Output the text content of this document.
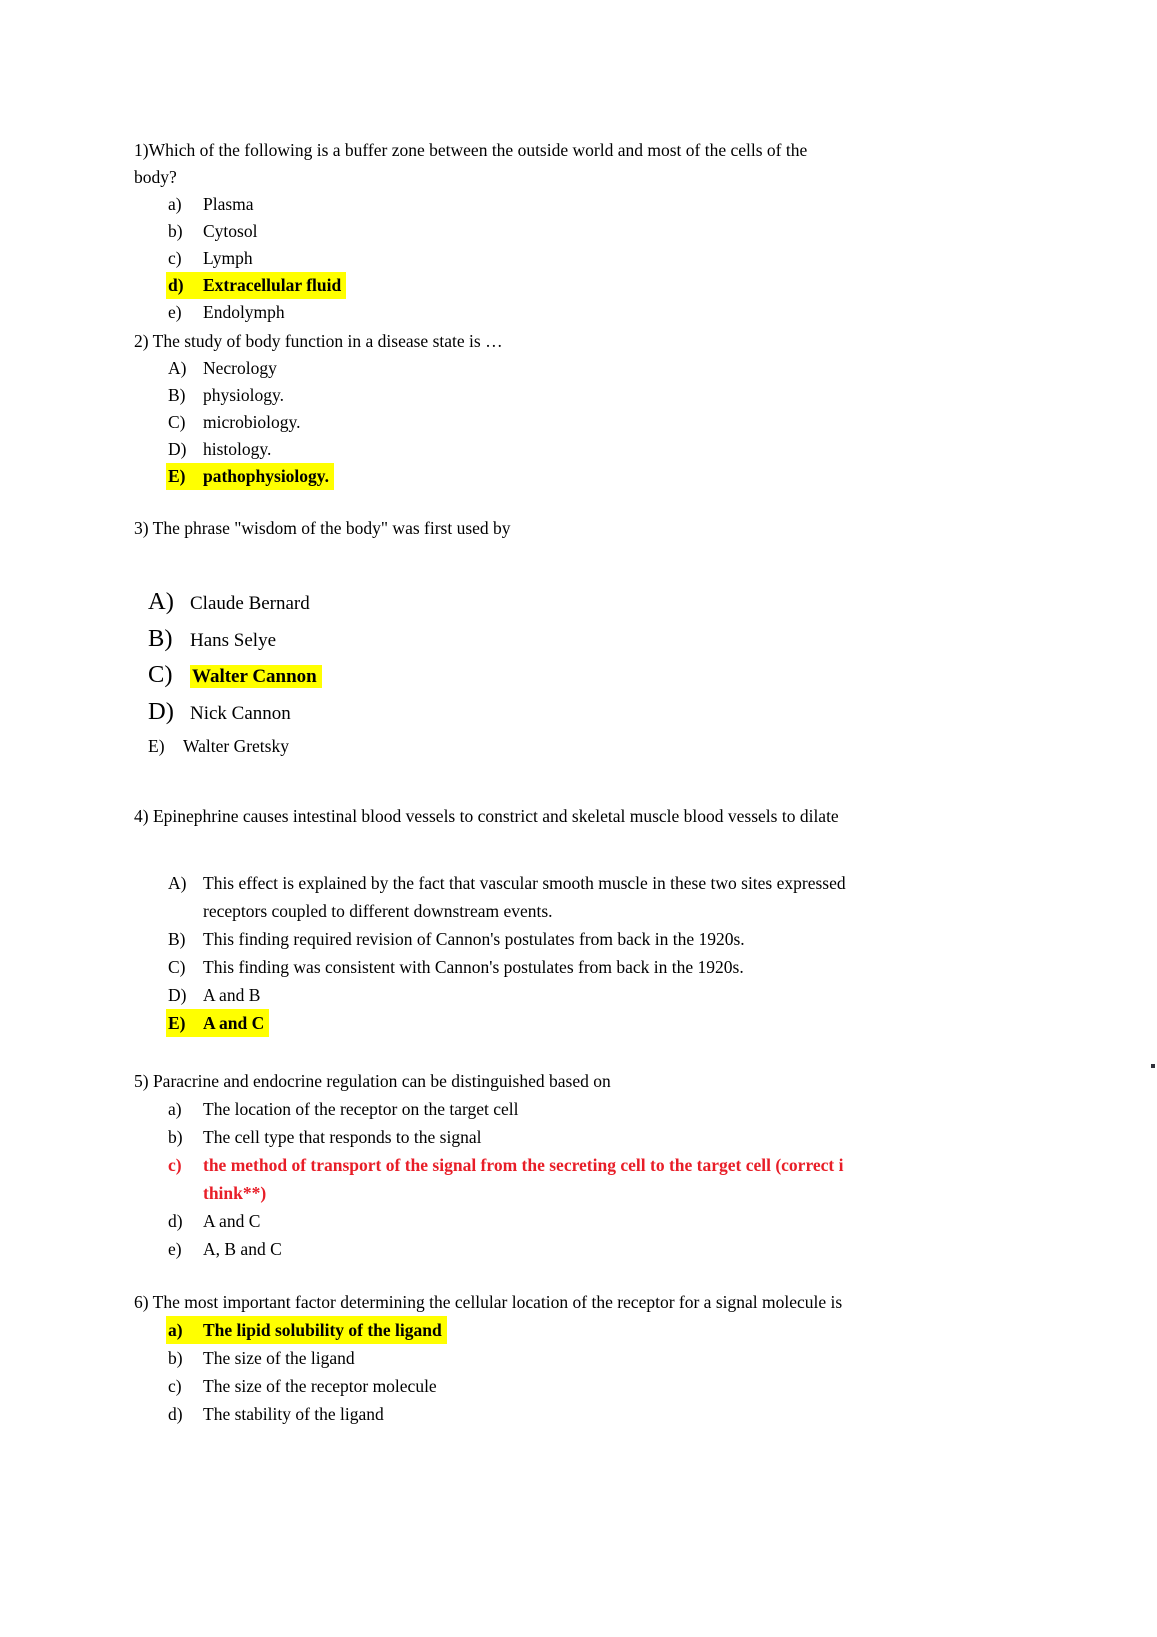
1)Which of the following is a buffer zone between the outside world and most of the cells of the
body?
a)	Plasma
b)	Cytosol
c)	Lymph
d)	Extracellular fluid
e)	Endolymph
2) The study of body function in a disease state is …
A) Necrology
B)	physiology.
C)	microbiology.
D) histology.
E)	pathophysiology.
3) The phrase "wisdom of the body" was first used by
A) Claude Bernard
B) Hans Selye
C)	Walter Cannon
D) Nick Cannon
E)	Walter Gretsky
4) Epinephrine causes intestinal blood vessels to constrict and skeletal muscle blood vessels to dilate
A) This effect is explained by the fact that vascular smooth muscle in these two sites expressed
receptors coupled to different downstream events.
B)	This finding required revision of Cannon's postulates from back in the 1920s.
C)	This finding was consistent with Cannon's postulates from back in the 1920s.
D) A and B
E)	A and C
5) Paracrine and endocrine regulation can be distinguished based on
a)	The location of the receptor on the target cell
b)	The cell type that responds to the signal
c)	the method of transport of the signal from the secreting cell to the target cell (correct i
think**)
d)	A and C
e)	A, B and C
6) The most important factor determining the cellular location of the receptor for a signal molecule is
a)	The lipid solubility of the ligand
b)	The size of the ligand
c)	The size of the receptor molecule
d)	The stability of the ligand
